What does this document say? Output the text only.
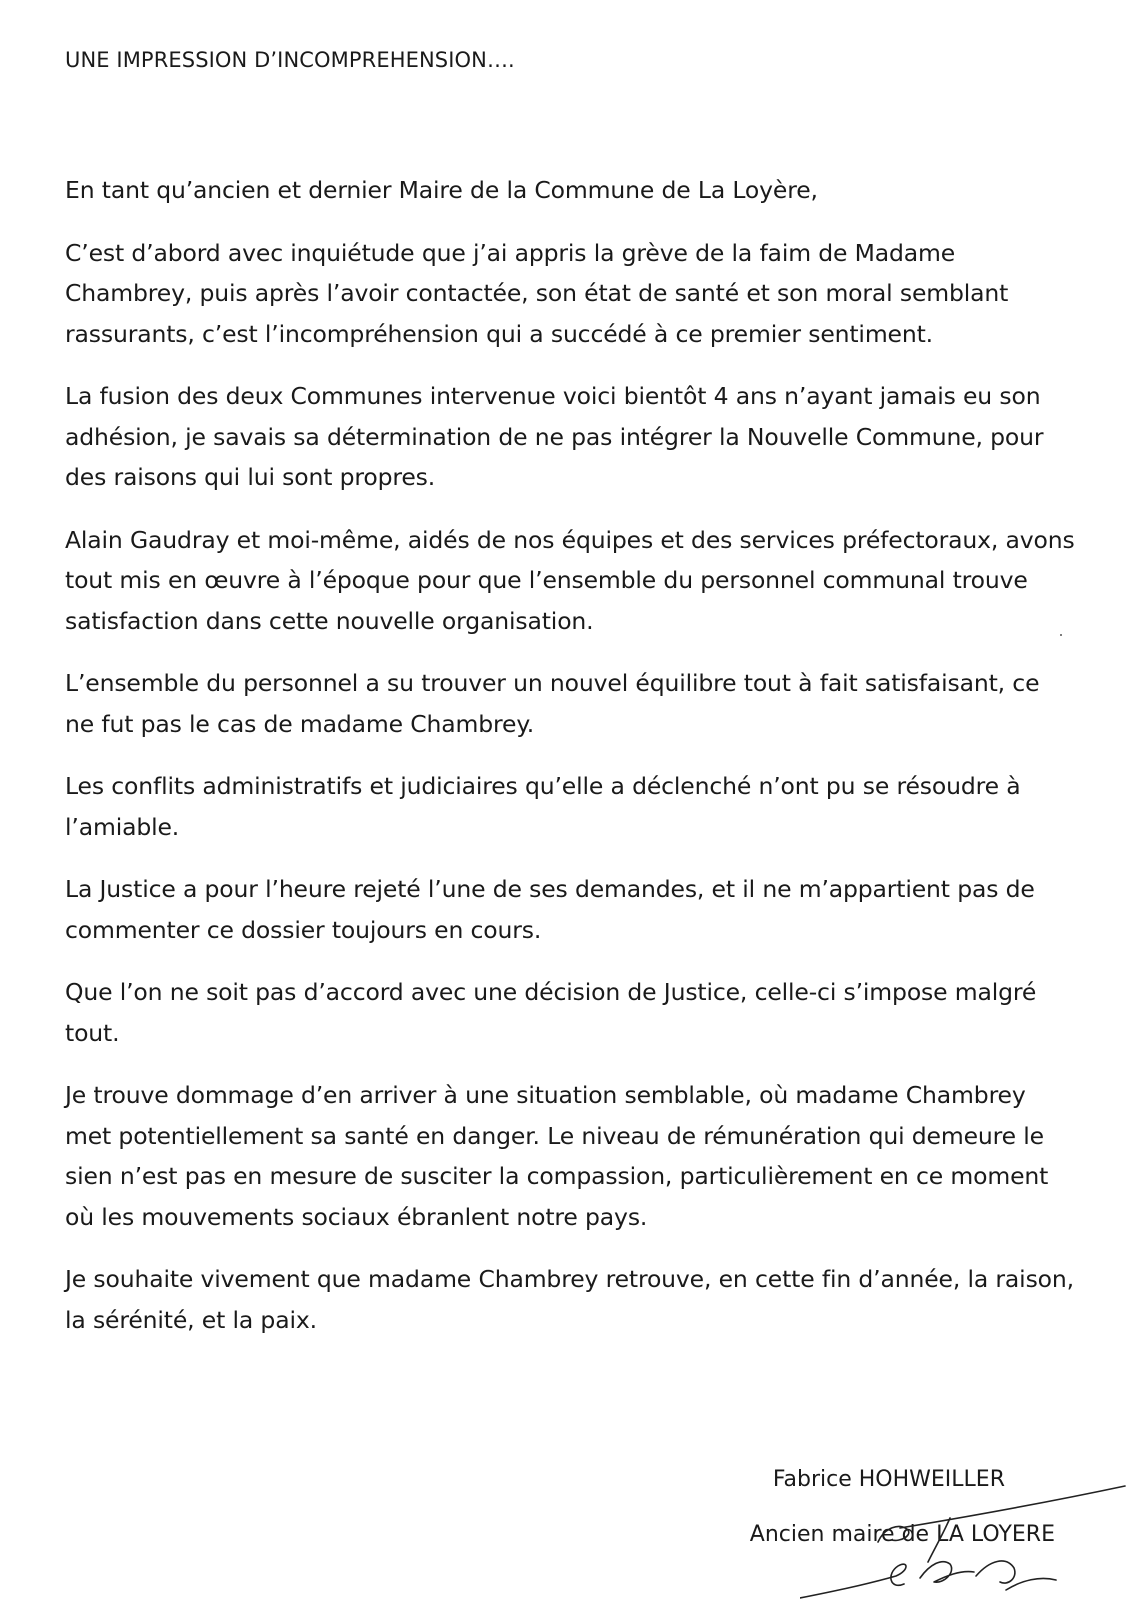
UNE IMPRESSION D’INCOMPREHENSION….

En tant qu’ancien et dernier Maire de la Commune de La Loyère,

C’est d’abord avec inquiétude que j’ai appris la grève de la faim de Madame Chambrey, puis après l’avoir contactée, son état de santé et son moral semblant rassurants, c’est l’incompréhension qui a succédé à ce premier sentiment.

La fusion des deux Communes intervenue voici bientôt 4 ans n’ayant jamais eu son adhésion, je savais sa détermination de ne pas intégrer la Nouvelle Commune, pour des raisons qui lui sont propres.

Alain Gaudray et moi-même, aidés de nos équipes et des services préfectoraux, avons tout mis en œuvre à l’époque pour que l’ensemble du personnel communal trouve satisfaction dans cette nouvelle organisation.

L’ensemble du personnel a su trouver un nouvel équilibre tout à fait satisfaisant, ce ne fut pas le cas de madame Chambrey.

Les conflits administratifs et judiciaires qu’elle a déclenché n’ont pu se résoudre à l’amiable.

La Justice a pour l’heure rejeté l’une de ses demandes, et il ne m’appartient pas de commenter ce dossier toujours en cours.

Que l’on ne soit pas d’accord avec une décision de Justice, celle-ci s’impose malgré tout.

Je trouve dommage d’en arriver à une situation semblable, où madame Chambrey met potentiellement sa santé en danger. Le niveau de rémunération qui demeure le sien n’est pas en mesure de susciter la compassion, particulièrement en ce moment où les mouvements sociaux ébranlent notre pays.

Je souhaite vivement que madame Chambrey retrouve, en cette fin d’année, la raison, la sérénité, et la paix.

Fabrice HOHWEILLER

Ancien maire de LA LOYERE
